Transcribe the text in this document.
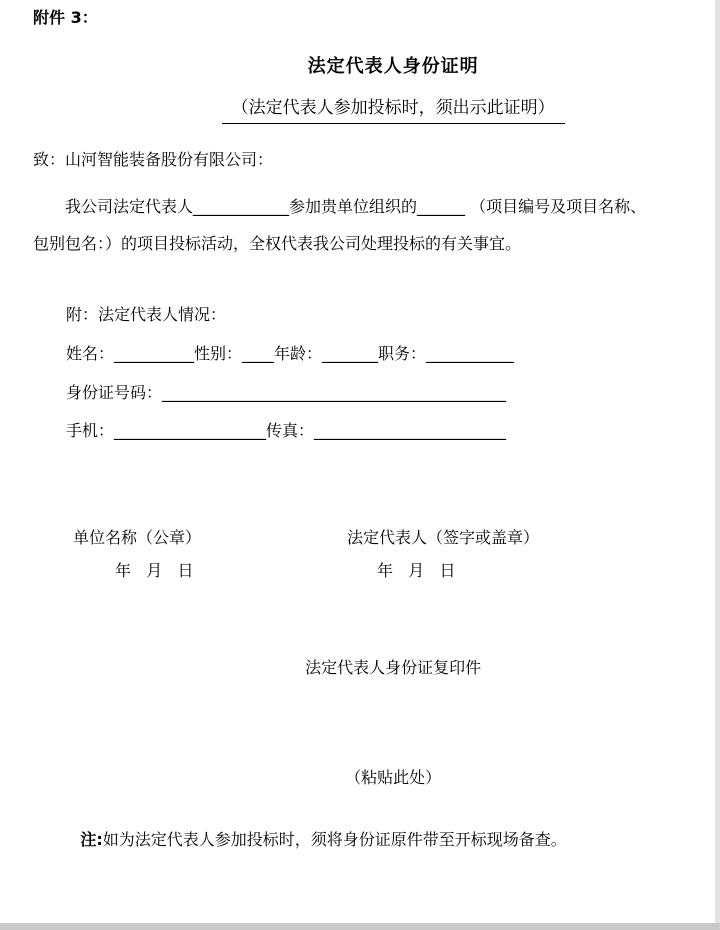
附件 3：

法定代表人身份证明

（法定代表人参加投标时，须出示此证明）

致：山河智能装备股份有限公司：
我公司法定代表人____________参加贵单位组织的______ （项目编号及项目名称、
包别包名：）的项目投标活动，全权代表我公司处理投标的有关事宜。
附：法定代表人情况：
姓名：__________性别：____年龄：_______职务：___________
身份证号码：___________________________________________
手机：___________________传真：________________________
单位名称（公章）	法定代表人（签字或盖章）
年   月   日	年   月   日

法定代表人身份证复印件

（粘贴此处）

注:如为法定代表人参加投标时，须将身份证原件带至开标现场备查。
